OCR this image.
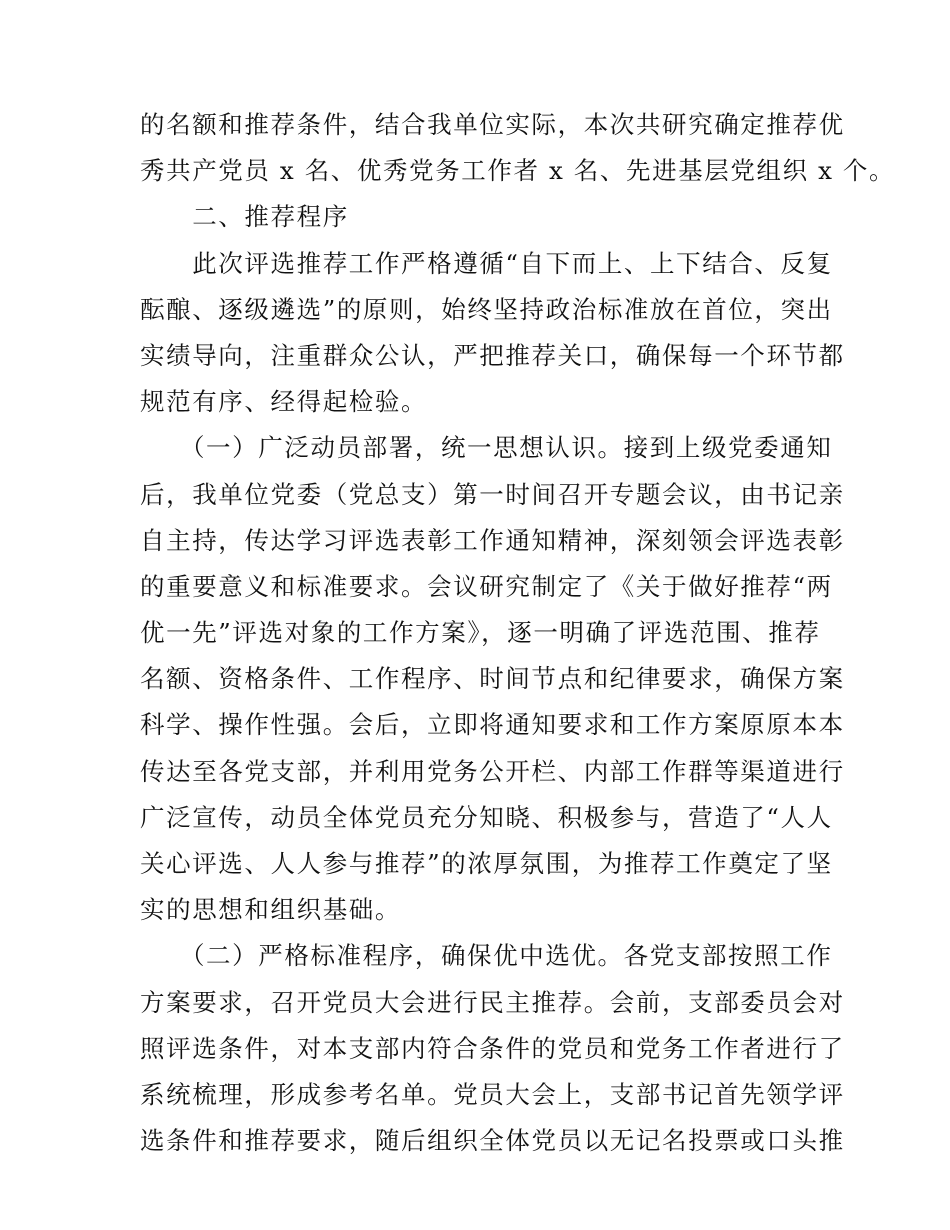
的名额和推荐条件，结合我单位实际，本次共研究确定推荐优
秀共产党员 x 名、优秀党务工作者 x 名、先进基层党组织 x 个。
　　二、推荐程序
　　此次评选推荐工作严格遵循“自下而上、上下结合、反复
酝酿、逐级遴选”的原则，始终坚持政治标准放在首位，突出
实绩导向，注重群众公认，严把推荐关口，确保每一个环节都
规范有序、经得起检验。
　　（一）广泛动员部署，统一思想认识。接到上级党委通知
后，我单位党委（党总支）第一时间召开专题会议，由书记亲
自主持，传达学习评选表彰工作通知精神，深刻领会评选表彰
的重要意义和标准要求。会议研究制定了《关于做好推荐“两
优一先”评选对象的工作方案》，逐一明确了评选范围、推荐
名额、资格条件、工作程序、时间节点和纪律要求，确保方案
科学、操作性强。会后，立即将通知要求和工作方案原原本本
传达至各党支部，并利用党务公开栏、内部工作群等渠道进行
广泛宣传，动员全体党员充分知晓、积极参与，营造了“人人
关心评选、人人参与推荐”的浓厚氛围，为推荐工作奠定了坚
实的思想和组织基础。
　　（二）严格标准程序，确保优中选优。各党支部按照工作
方案要求，召开党员大会进行民主推荐。会前，支部委员会对
照评选条件，对本支部内符合条件的党员和党务工作者进行了
系统梳理，形成参考名单。党员大会上，支部书记首先领学评
选条件和推荐要求，随后组织全体党员以无记名投票或口头推
